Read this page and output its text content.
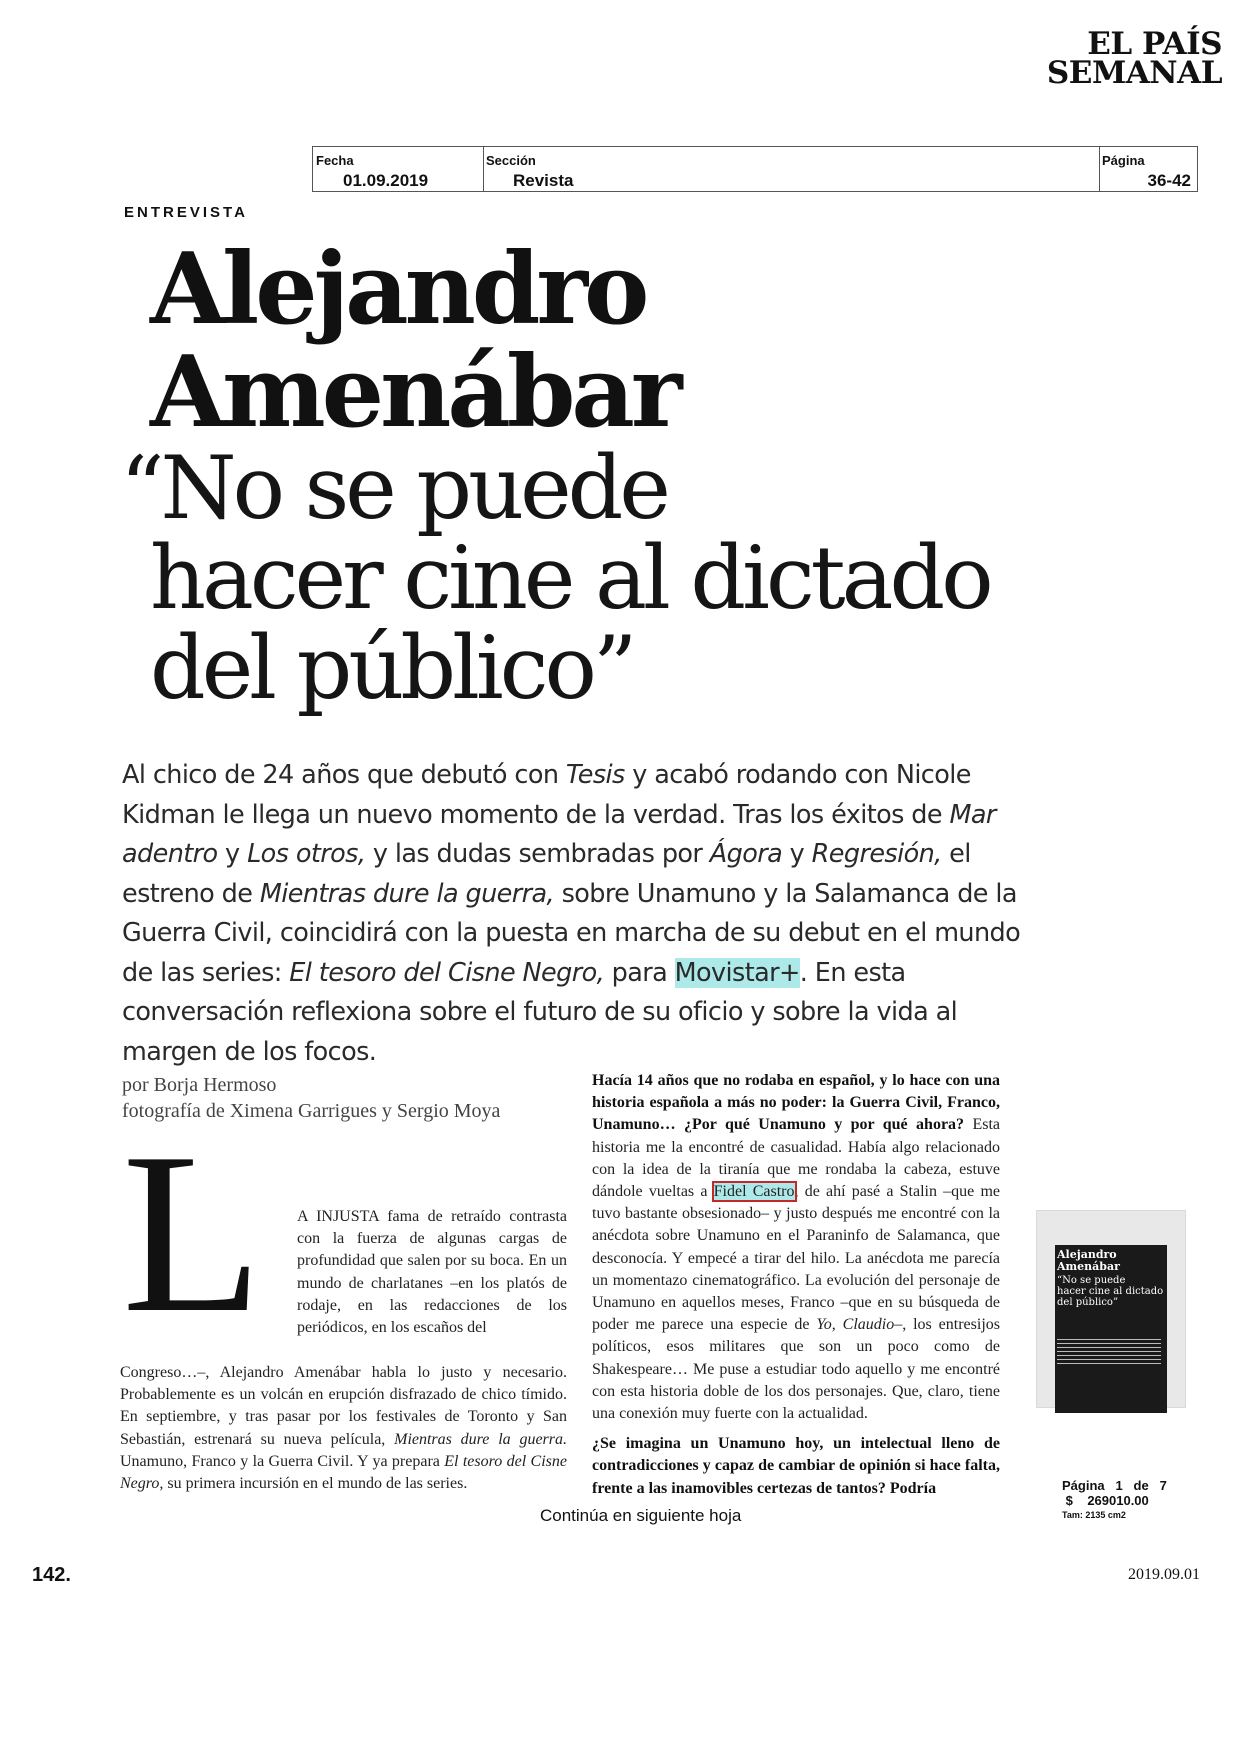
EL PAÍS
SEMANAL
Fecha
01.09.2019
Sección
Revista
Página
36-42
ENTREVISTA
Alejandro
Amenábar
“No se puede
hacer cine al dictado
del público”
Al chico de 24 años que debutó con Tesis y acabó rodando con Nicole Kidman le llega un nuevo momento de la verdad. Tras los éxitos de Mar adentro y Los otros, y las dudas sembradas por Ágora y Regresión, el estreno de Mientras dure la guerra, sobre Unamuno y la Salamanca de la Guerra Civil, coincidirá con la puesta en marcha de su debut en el mundo de las series: El tesoro del Cisne Negro, para Movistar+. En esta conversación reflexiona sobre el futuro de su oficio y sobre la vida al margen de los focos.
por Borja Hermoso
fotografía de Ximena Garrigues y Sergio Moya
L	A INJUSTA fama de retraído contrasta con la fuerza de algunas cargas de profundidad que salen por su boca. En un mundo de charlatanes –en los platós de rodaje, en las redacciones de los periódicos, en los escaños del
Congreso…–, Alejandro Amenábar habla lo justo y necesario. Probablemente es un volcán en erupción disfrazado de chico tímido. En septiembre, y tras pasar por los festivales de Toronto y San Sebastián, estrenará su nueva película, Mientras dure la guerra. Unamuno, Franco y la Guerra Civil. Y ya prepara El tesoro del Cisne Negro, su primera incursión en el mundo de las series.
Hacía 14 años que no rodaba en español, y lo hace con una historia española a más no poder: la Guerra Civil, Franco, Unamuno… ¿Por qué Unamuno y por qué ahora? Esta historia me la encontré de casualidad. Había algo relacionado con la idea de la tiranía que me rondaba la cabeza, estuve dándole vueltas a Fidel Castro, de ahí pasé a Stalin –que me tuvo bastante obsesionado– y justo después me encontré con la anécdota sobre Unamuno en el Paraninfo de Salamanca, que desconocía. Y empecé a tirar del hilo. La anécdota me parecía un momentazo cinematográfico. La evolución del personaje de Unamuno en aquellos meses, Franco –que en su búsqueda de poder me parece una especie de Yo, Claudio–, los entresijos políticos, esos militares que son un poco como de Shakespeare… Me puse a estudiar todo aquello y me encontré con esta historia doble de los dos personajes. Que, claro, tiene una conexión muy fuerte con la actualidad.
¿Se imagina un Unamuno hoy, un intelectual lleno de contradicciones y capaz de cambiar de opinión si hace falta, frente a las inamovibles certezas de tantos? Podría
Alejandro
Amenábar
“No se puede
hacer cine al dictado
del público”
Página 1 de 7
$ 269010.00
Tam: 2135 cm2
Continúa en siguiente hoja
142.	2019.09.01
